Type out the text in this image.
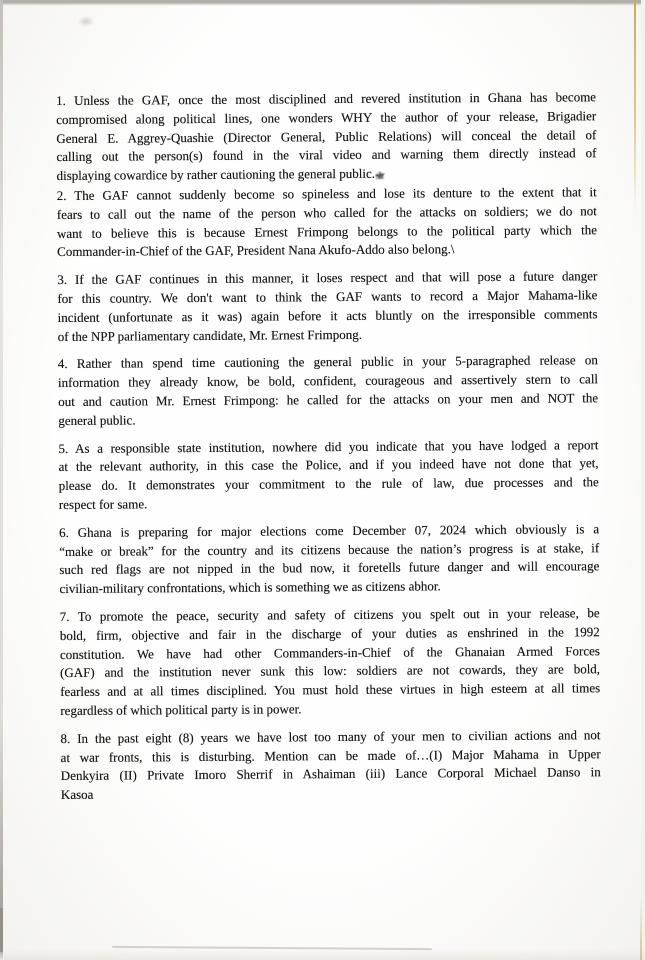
1. Unless the GAF, once the most disciplined and revered institution in Ghana has become
compromised along political lines, one wonders WHY the author of your release, Brigadier
General E. Aggrey-Quashie (Director General, Public Relations) will conceal the detail of
calling out the person(s) found in the viral video and warning them directly instead of
displaying cowardice by rather cautioning the general public.slr
2. The GAF cannot suddenly become so spineless and lose its denture to the extent that it
fears to call out the name of the person who called for the attacks on soldiers; we do not
want to believe this is because Ernest Frimpong belongs to the political party which the
Commander-in-Chief of the GAF, President Nana Akufo-Addo also belong.\
3. If the GAF continues in this manner, it loses respect and that will pose a future danger
for this country. We don't want to think the GAF wants to record a Major Mahama-like
incident (unfortunate as it was) again before it acts bluntly on the irresponsible comments
of the NPP parliamentary candidate, Mr. Ernest Frimpong.
4. Rather than spend time cautioning the general public in your 5-paragraphed release on
information they already know, be bold, confident, courageous and assertively stern to call
out and caution Mr. Ernest Frimpong: he called for the attacks on your men and NOT the
general public.
5. As a responsible state institution, nowhere did you indicate that you have lodged a report
at the relevant authority, in this case the Police, and if you indeed have not done that yet,
please do. It demonstrates your commitment to the rule of law, due processes and the
respect for same.
6. Ghana is preparing for major elections come December 07, 2024 which obviously is a
“make or break” for the country and its citizens because the nation’s progress is at stake, if
such red flags are not nipped in the bud now, it foretells future danger and will encourage
civilian-military confrontations, which is something we as citizens abhor.
7. To promote the peace, security and safety of citizens you spelt out in your release, be
bold, firm, objective and fair in the discharge of your duties as enshrined in the 1992
constitution. We have had other Commanders-in-Chief of the Ghanaian Armed Forces
(GAF) and the institution never sunk this low: soldiers are not cowards, they are bold,
fearless and at all times disciplined. You must hold these virtues in high esteem at all times
regardless of which political party is in power.
8. In the past eight (8) years we have lost too many of your men to civilian actions and not
at war fronts, this is disturbing. Mention can be made of…(I) Major Mahama in Upper
Denkyira (II) Private Imoro Sherrif in Ashaiman (iii) Lance Corporal Michael Danso in
Kasoa
